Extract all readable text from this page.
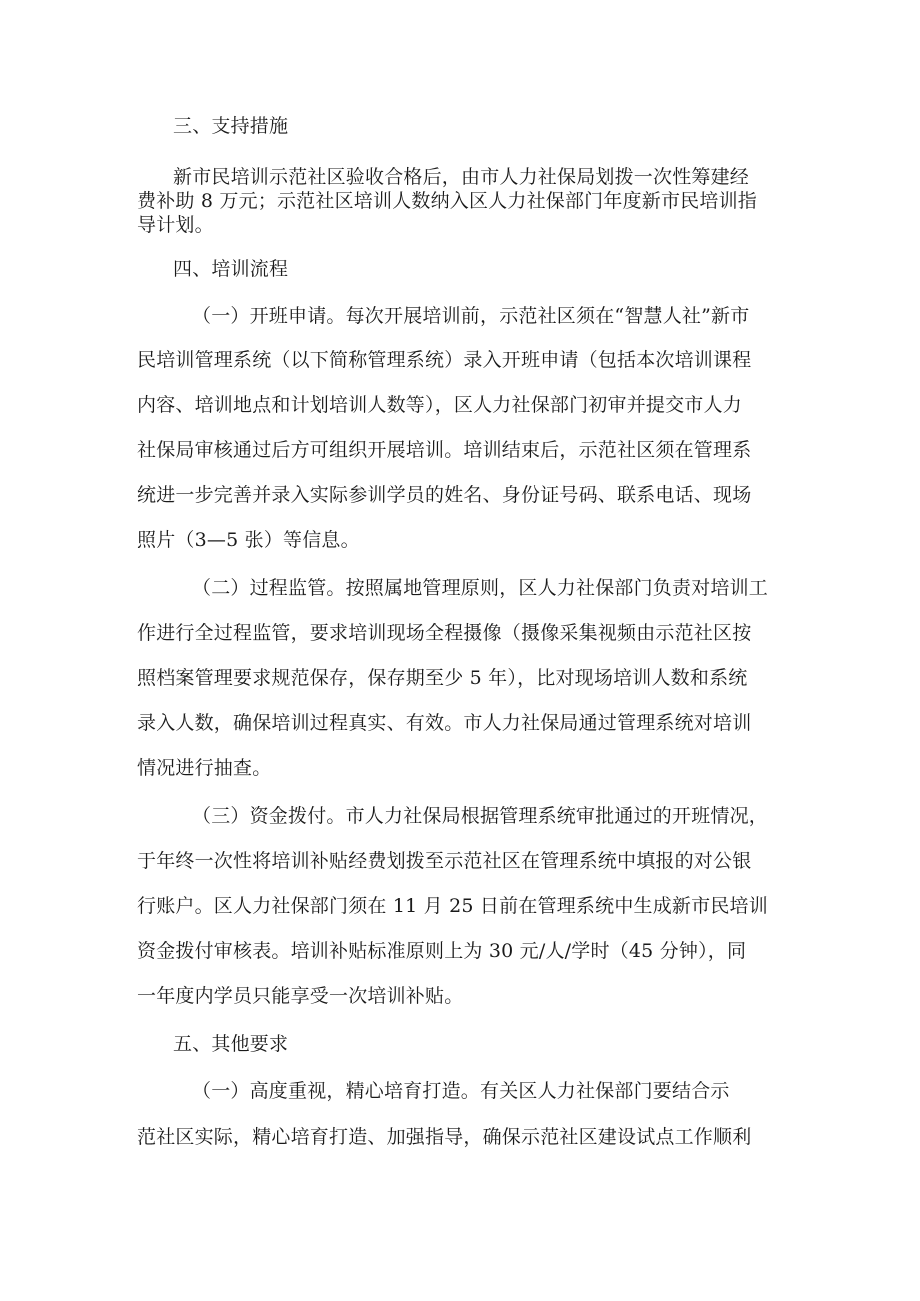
三、支持措施

新市民培训示范社区验收合格后，由市人力社保局划拨一次性筹建经

费补助 8 万元；示范社区培训人数纳入区人力社保部门年度新市民培训指

导计划。

四、培训流程

（一）开班申请。每次开展培训前，示范社区须在“智慧人社”新市

民培训管理系统（以下简称管理系统）录入开班申请（包括本次培训课程

内容、培训地点和计划培训人数等），区人力社保部门初审并提交市人力

社保局审核通过后方可组织开展培训。培训结束后，示范社区须在管理系

统进一步完善并录入实际参训学员的姓名、身份证号码、联系电话、现场

照片（3—5 张）等信息。

（二）过程监管。按照属地管理原则，区人力社保部门负责对培训工

作进行全过程监管，要求培训现场全程摄像（摄像采集视频由示范社区按

照档案管理要求规范保存，保存期至少 5 年），比对现场培训人数和系统

录入人数，确保培训过程真实、有效。市人力社保局通过管理系统对培训

情况进行抽查。

（三）资金拨付。市人力社保局根据管理系统审批通过的开班情况，

于年终一次性将培训补贴经费划拨至示范社区在管理系统中填报的对公银

行账户。区人力社保部门须在 11 月 25 日前在管理系统中生成新市民培训

资金拨付审核表。培训补贴标准原则上为 30 元/人/学时（45 分钟），同

一年度内学员只能享受一次培训补贴。

五、其他要求

（一）高度重视，精心培育打造。有关区人力社保部门要结合示

范社区实际，精心培育打造、加强指导，确保示范社区建设试点工作顺利
